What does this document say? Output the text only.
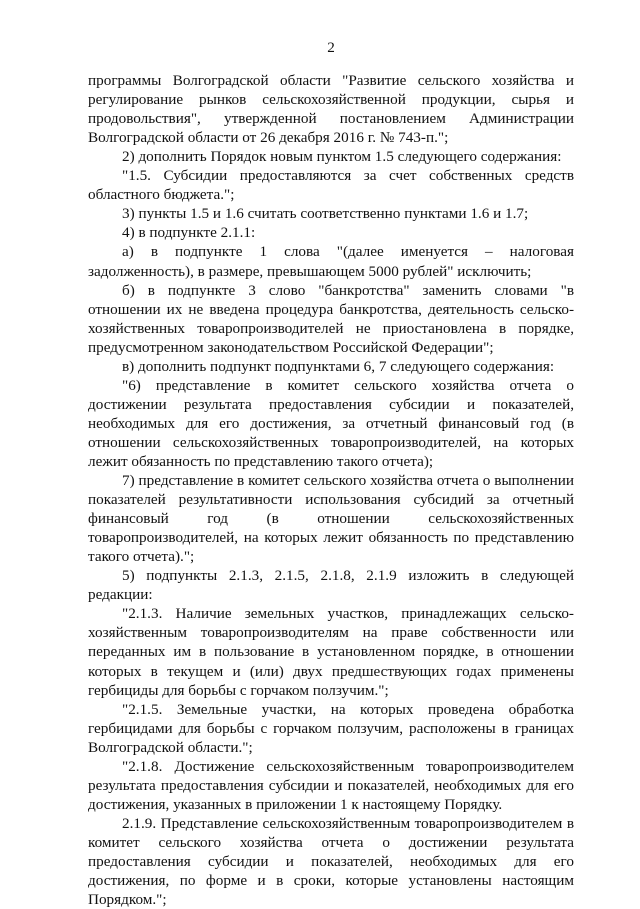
2

программы Волгоградской области "Развитие сельского хозяйства и регулирование рынков сельскохозяйственной продукции, сырья и продовольствия", утвержденной постановлением Администрации Волгоградской области от 26 декабря 2016 г. № 743-п.";

2) дополнить Порядок новым пунктом 1.5 следующего содержания:

"1.5. Субсидии предоставляются за счет собственных средств областного бюджета.";

3) пункты 1.5 и 1.6 считать соответственно пунктами 1.6 и 1.7;

4) в подпункте 2.1.1:

а) в подпункте 1 слова "(далее именуется – налоговая задолженность), в размере, превышающем 5000 рублей" исключить;

б) в подпункте 3 слово "банкротства" заменить словами "в отношении их не введена процедура банкротства, деятельность сельско-хозяйственных товаропроизводителей не приостановлена в порядке, предусмотренном законодательством Российской Федерации";

в) дополнить подпункт подпунктами 6, 7 следующего содержания:

"6) представление в комитет сельского хозяйства отчета о достижении результата предоставления субсидии и показателей, необходимых для его достижения, за отчетный финансовый год (в отношении сельскохозяйственных товаропроизводителей, на которых лежит обязанность по представлению такого отчета);

7) представление в комитет сельского хозяйства отчета о выполнении показателей результативности использования субсидий за отчетный финансовый год (в отношении сельскохозяйственных товаропроизводителей, на которых лежит обязанность по представлению такого отчета).";

5) подпункты 2.1.3, 2.1.5, 2.1.8, 2.1.9 изложить в следующей редакции:

"2.1.3. Наличие земельных участков, принадлежащих сельско-хозяйственным товаропроизводителям на праве собственности или переданных им в пользование в установленном порядке, в отношении которых в текущем и (или) двух предшествующих годах применены гербициды для борьбы с горчаком ползучим.";

"2.1.5. Земельные участки, на которых проведена обработка гербицидами для борьбы с горчаком ползучим, расположены в границах Волгоградской области.";

"2.1.8. Достижение сельскохозяйственным товаропроизводителем результата предоставления субсидии и показателей, необходимых для его достижения, указанных в приложении 1 к настоящему Порядку.

2.1.9. Представление сельскохозяйственным товаропроизводителем в комитет сельского хозяйства отчета о достижении результата предоставления субсидии и показателей, необходимых для его достижения, по форме и в сроки, которые установлены настоящим Порядком.";
